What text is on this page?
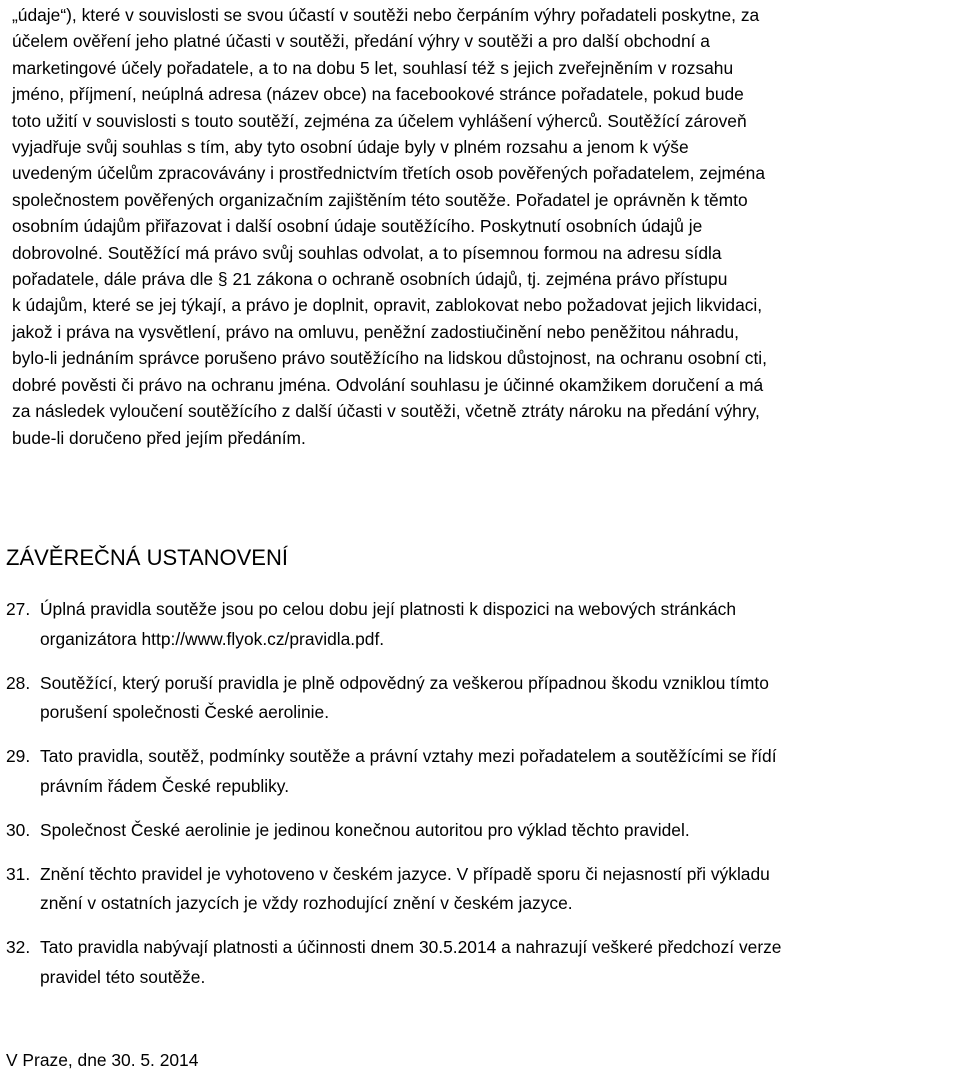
„údaje“), které v souvislosti se svou účastí v soutěži nebo čerpáním výhry pořadateli poskytne, za
účelem ověření jeho platné účasti v soutěži, předání výhry v soutěži a pro další obchodní a
marketingové účely pořadatele, a to na dobu 5 let, souhlasí též s jejich zveřejněním v rozsahu
jméno, příjmení, neúplná adresa (název obce) na facebookové stránce pořadatele, pokud bude
toto užití v souvislosti s touto soutěží, zejména za účelem vyhlášení výherců. Soutěžící zároveň
vyjadřuje svůj souhlas s tím, aby tyto osobní údaje byly v plném rozsahu a jenom k výše
uvedeným účelům zpracovávány i prostřednictvím třetích osob pověřených pořadatelem, zejména
společnostem pověřených organizačním zajištěním této soutěže. Pořadatel je oprávněn k těmto
osobním údajům přiřazovat i další osobní údaje soutěžícího. Poskytnutí osobních údajů je
dobrovolné. Soutěžící má právo svůj souhlas odvolat, a to písemnou formou na adresu sídla
pořadatele, dále práva dle § 21 zákona o ochraně osobních údajů, tj. zejména právo přístupu
k údajům, které se jej týkají, a právo je doplnit, opravit, zablokovat nebo požadovat jejich likvidaci,
jakož i práva na vysvětlení, právo na omluvu, peněžní zadostiučinění nebo peněžitou náhradu,
bylo-li jednáním správce porušeno právo soutěžícího na lidskou důstojnost, na ochranu osobní cti,
dobré pověsti či právo na ochranu jména. Odvolání souhlasu je účinné okamžikem doručení a má
za následek vyloučení soutěžícího z další účasti v soutěži, včetně ztráty nároku na předání výhry,
bude-li doručeno před jejím předáním.

ZÁVĚREČNÁ USTANOVENÍ
27. Úplná pravidla soutěže jsou po celou dobu její platnosti k dispozici na webových stránkách
organizátora http://www.flyok.cz/pravidla.pdf.
28. Soutěžící, který poruší pravidla je plně odpovědný za veškerou případnou škodu vzniklou tímto
porušení společnosti České aerolinie.
29. Tato pravidla, soutěž, podmínky soutěže a právní vztahy mezi pořadatelem a soutěžícími se řídí
právním řádem České republiky.
30. Společnost České aerolinie je jedinou konečnou autoritou pro výklad těchto pravidel.
31. Znění těchto pravidel je vyhotoveno v českém jazyce. V případě sporu či nejasností při výkladu
znění v ostatních jazycích je vždy rozhodující znění v českém jazyce.
32. Tato pravidla nabývají platnosti a účinnosti dnem 30.5.2014 a nahrazují veškeré předchozí verze
pravidel této soutěže.

V Praze, dne 30. 5. 2014
